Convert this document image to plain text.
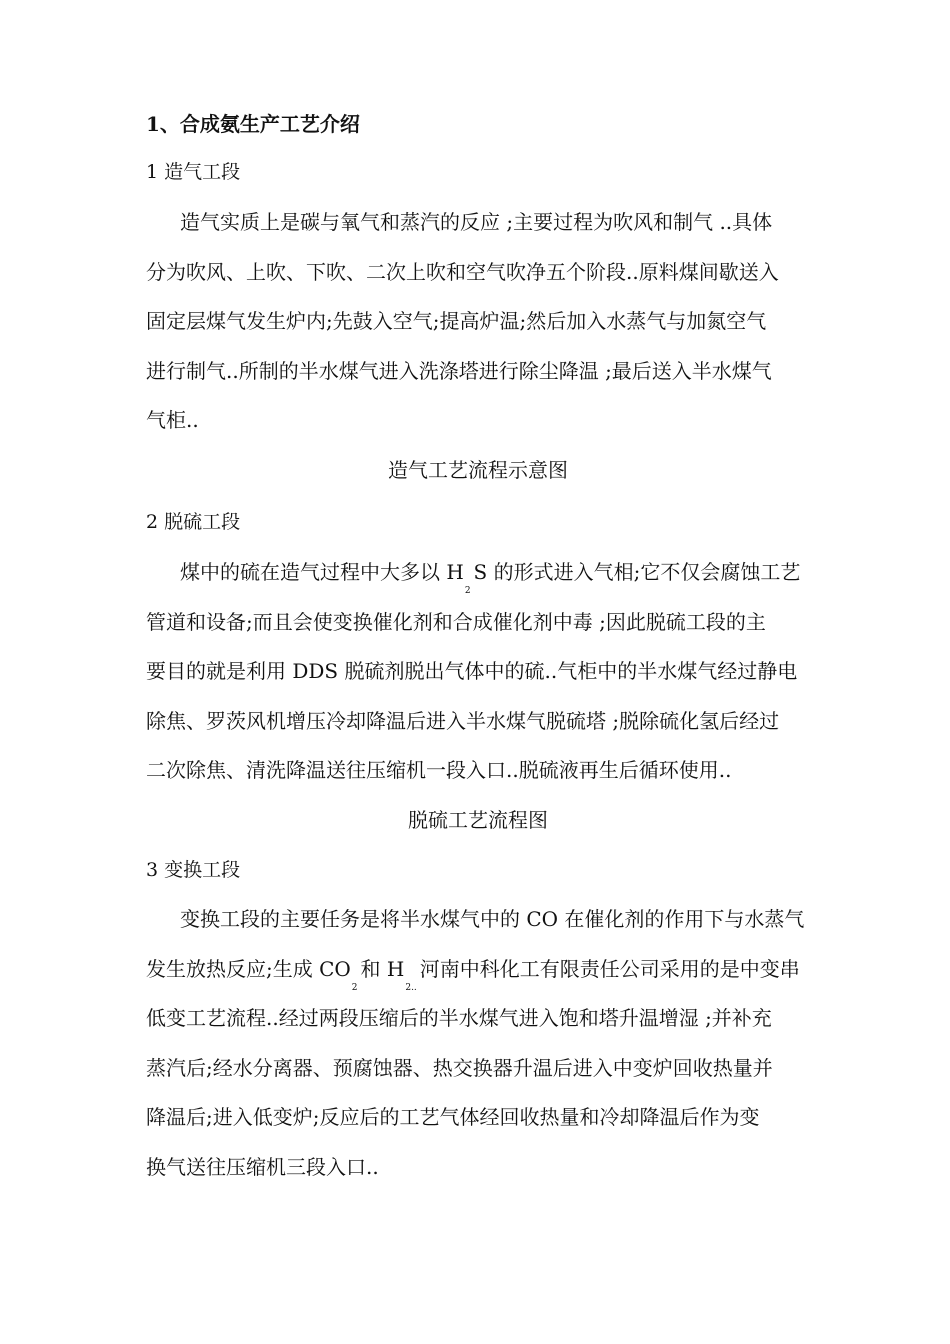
1、合成氨生产工艺介绍
1 造气工段
造气实质上是碳与氧气和蒸汽的反应 ;主要过程为吹风和制气 ..具体
分为吹风、上吹、下吹、二次上吹和空气吹净五个阶段..原料煤间歇送入
固定层煤气发生炉内;先鼓入空气;提高炉温;然后加入水蒸气与加氮空气
进行制气..所制的半水煤气进入洗涤塔进行除尘降温 ;最后送入半水煤气
气柜..
造气工艺流程示意图
2 脱硫工段
煤中的硫在造气过程中大多以 H2S 的形式进入气相;它不仅会腐蚀工艺
管道和设备;而且会使变换催化剂和合成催化剂中毒 ;因此脱硫工段的主
要目的就是利用 DDS 脱硫剂脱出气体中的硫..气柜中的半水煤气经过静电
除焦、罗茨风机增压冷却降温后进入半水煤气脱硫塔 ;脱除硫化氢后经过
二次除焦、清洗降温送往压缩机一段入口..脱硫液再生后循环使用..
脱硫工艺流程图
3 变换工段
变换工段的主要任务是将半水煤气中的 CO 在催化剂的作用下与水蒸气
发生放热反应;生成 CO2和 H2..河南中科化工有限责任公司采用的是中变串
低变工艺流程..经过两段压缩后的半水煤气进入饱和塔升温增湿 ;并补充
蒸汽后;经水分离器、预腐蚀器、热交换器升温后进入中变炉回收热量并
降温后;进入低变炉;反应后的工艺气体经回收热量和冷却降温后作为变
换气送往压缩机三段入口..
